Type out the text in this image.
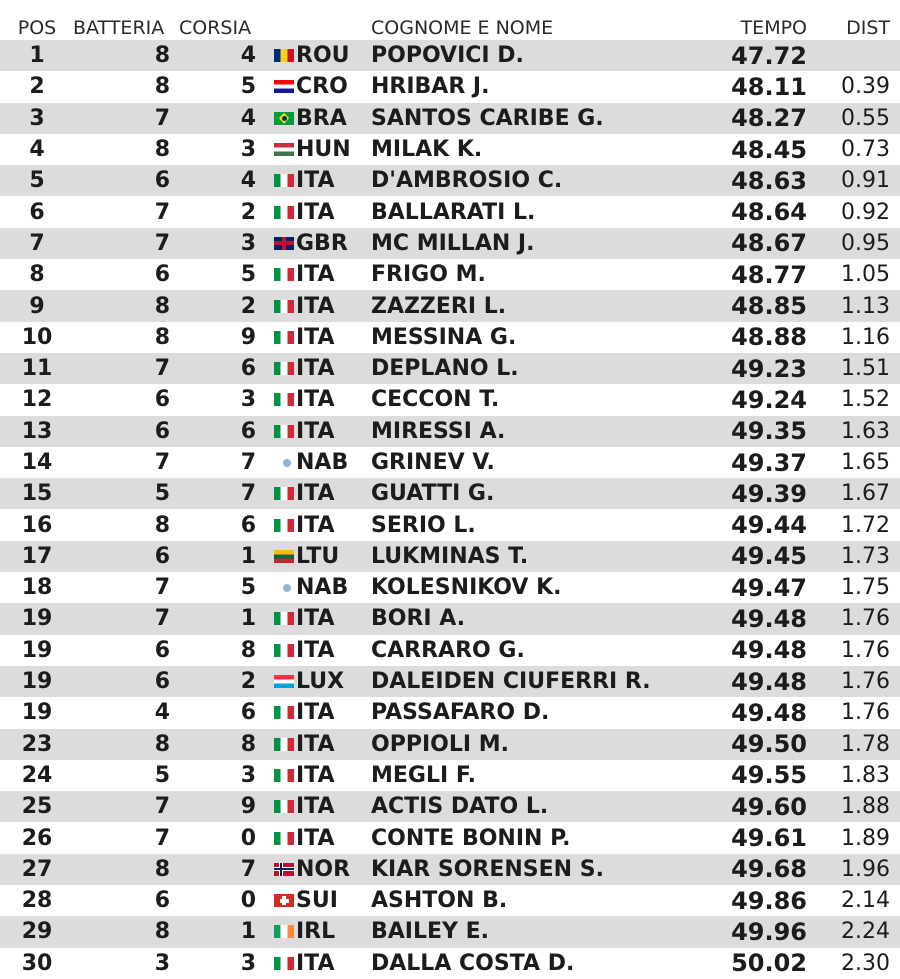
POS BATTERIA CORSIA	COGNOME E NOME	TEMPO	DIST
1	8	4 ROU POPOVICI D.	47.72
2	8	5 CRO HRIBAR J.	48.11	0.39
3	7	4 BRA SANTOS CARIBE G.	48.27	0.55
4	8	3 HUN MILAK K.	48.45	0.73
5	6	4 ITA D'AMBROSIO C.	48.63	0.91
6	7	2 ITA BALLARATI L.	48.64	0.92
7	7	3 GBR MC MILLAN J.	48.67	0.95
8	6	5 ITA FRIGO M.	48.77	1.05
9	8	2 ITA ZAZZERI L.	48.85	1.13
10	8	9 ITA MESSINA G.	48.88	1.16
11	7	6 ITA DEPLANO L.	49.23	1.51
12	6	3 ITA CECCON T.	49.24	1.52
13	6	6 ITA MIRESSI A.	49.35	1.63
14	7	7 NAB GRINEV V.	49.37	1.65
15	5	7 ITA GUATTI G.	49.39	1.67
16	8	6 ITA SERIO L.	49.44	1.72
17	6	1 LTU LUKMINAS T.	49.45	1.73
18	7	5 NAB KOLESNIKOV K.	49.47	1.75
19	7	1 ITA BORI A.	49.48	1.76
19	6	8 ITA CARRARO G.	49.48	1.76
19	6	2 LUX DALEIDEN CIUFERRI R.	49.48	1.76
19	4	6 ITA PASSAFARO D.	49.48	1.76
23	8	8 ITA OPPIOLI M.	49.50	1.78
24	5	3 ITA MEGLI F.	49.55	1.83
25	7	9 ITA ACTIS DATO L.	49.60	1.88
26	7	0 ITA CONTE BONIN P.	49.61	1.89
27	8	7 NOR KIAR SORENSEN S.	49.68	1.96
28	6	0 SUI ASHTON B.	49.86	2.14
29	8	1 IRL BAILEY E.	49.96	2.24
30	3	3 ITA DALLA COSTA D.	50.02	2.30
